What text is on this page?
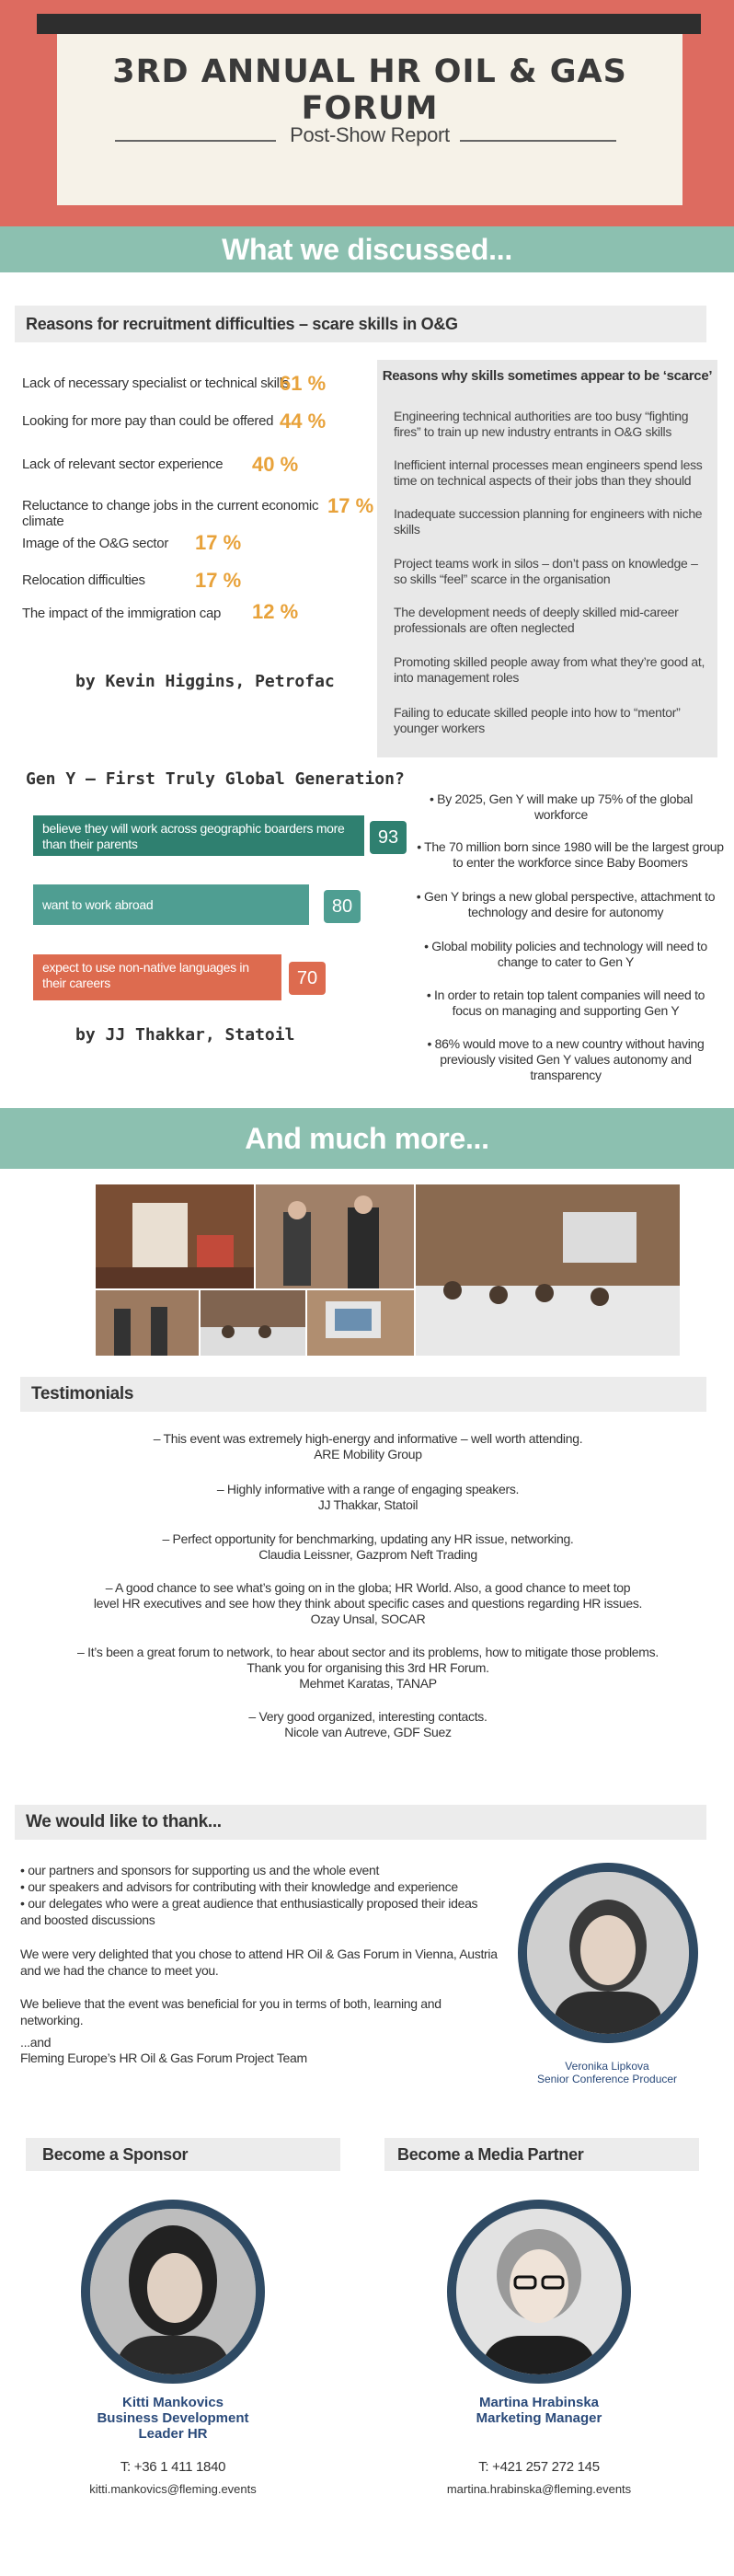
3RD ANNUAL HR OIL & GAS FORUM
Post-Show Report
What we discussed...
Reasons for recruitment difficulties – scare skills in O&G
Lack of necessary specialist or technical skills
61 %
Looking for more pay than could be offered 44 %
Lack of relevant sector experience 40 %
Reluctance to change jobs in the current economic climate
17 %
Image of the O&G sector 17 %
Relocation difficulties 17 %
The impact of the immigration cap 12 %
by Kevin Higgins, Petrofac
Reasons why skills sometimes appear to be ‘scarce’
Engineering technical authorities are too busy “fighting fires” to train up new industry entrants in O&G skills
Inefficient internal processes mean engineers spend less time on technical aspects of their jobs than they should
Inadequate succession planning for engineers with niche skills
Project teams work in silos – don’t pass on knowledge – so skills “feel” scarce in the organisation
The development needs of deeply skilled mid-career professionals are often neglected
Promoting skilled people away from what they’re good at, into management roles
Failing to educate skilled people into how to “mentor” younger workers
Gen Y – First Truly Global Generation?
believe they will work across geographic boarders more than their parents	93
want to work abroad	80
expect to use non-native languages in their careers	70
by JJ Thakkar, Statoil
• By 2025, Gen Y will make up 75% of the global workforce
• The 70 million born since 1980 will be the largest group to enter the workforce since Baby Boomers
• Gen Y brings a new global perspective, attachment to technology and desire for autonomy
• Global mobility policies and technology will need to change to cater to Gen Y
• In order to retain top talent companies will need to focus on managing and supporting Gen Y
• 86% would move to a new country without having previously visited Gen Y values autonomy and transparency
And much more...
Testimonials
– This event was extremely high-energy and informative – well worth attending.
ARE Mobility Group
– Highly informative with a range of engaging speakers.
JJ Thakkar, Statoil
– Perfect opportunity for benchmarking, updating any HR issue, networking.
Claudia Leissner, Gazprom Neft Trading
– A good chance to see what’s going on in the globa; HR World. Also, a good chance to meet top level HR executives and see how they think about specific cases and questions regarding HR issues.
Ozay Unsal, SOCAR
– It’s been a great forum to network, to hear about sector and its problems, how to mitigate those problems. Thank you for organising this 3rd HR Forum.
Mehmet Karatas, TANAP
– Very good organized, interesting contacts.
Nicole van Autreve, GDF Suez
We would like to thank...
• our partners and sponsors for supporting us and the whole event
• our speakers and advisors for contributing with their knowledge and experience
• our delegates who were a great audience that enthusiastically proposed their ideas and boosted discussions
We were very delighted that you chose to attend HR Oil & Gas Forum in Vienna, Austria and we had the chance to meet you.
We believe that the event was beneficial for you in terms of both, learning and networking.
...and
Fleming Europe’s HR Oil & Gas Forum Project Team
Veronika Lipkova
Senior Conference Producer
Become a Sponsor	Become a Media Partner
Kitti Mankovics
Business Development
Leader HR
T: +36 1 411 1840
kitti.mankovics@fleming.events
Martina Hrabinska
Marketing Manager
T: +421 257 272 145
martina.hrabinska@fleming.events
